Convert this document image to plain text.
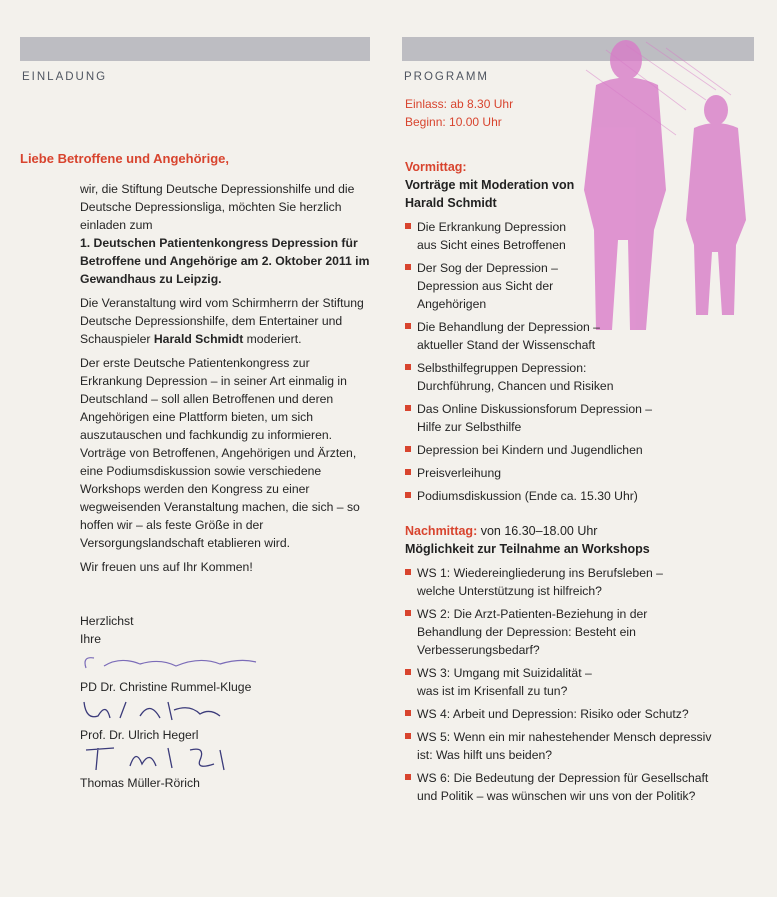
EINLADUNG
Liebe Betroffene und Angehörige,

wir, die Stiftung Deutsche Depressionshilfe und die Deutsche Depressionsliga, möchten Sie herzlich einladen zum

1. Deutschen Patientenkongress Depression für Betroffene und Angehörige am 2. Oktober 2011 im Gewandhaus zu Leipzig.

Die Veranstaltung wird vom Schirmherrn der Stiftung Deutsche Depressionshilfe, dem Entertainer und Schauspieler Harald Schmidt moderiert.

Der erste Deutsche Patientenkongress zur Erkrankung Depression – in seiner Art einmalig in Deutschland – soll allen Betroffenen und deren Angehörigen eine Plattform bieten, um sich auszutauschen und fachkundig zu informieren.

Vorträge von Betroffenen, Angehörigen und Ärzten, eine Podiumsdiskussion sowie verschiedene Workshops werden den Kongress zu einer wegweisenden Veranstaltung machen, die sich – so hoffen wir – als feste Größe in der Versorgungslandschaft etablieren wird.

Wir freuen uns auf Ihr Kommen!

Herzlichst

Ihre

PD Dr. Christine Rummel-Kluge

Prof. Dr. Ulrich Hegerl

Thomas Müller-Rörich

PROGRAMM
Einlass: ab 8.30 Uhr
Beginn: 10.00 Uhr
Vormittag:
Vorträge mit Moderation von Harald Schmidt
Die Erkrankung Depression
aus Sicht eines Betroffenen
Der Sog der Depression –
Depression aus Sicht der
Angehörigen
Die Behandlung der Depression –
aktueller Stand der Wissenschaft
Selbsthilfegruppen Depression:
Durchführung, Chancen und Risiken
Das Online Diskussionsforum Depression –
Hilfe zur Selbsthilfe
Depression bei Kindern und Jugendlichen
Preisverleihung
Podiumsdiskussion (Ende ca. 15.30 Uhr)
Nachmittag: von 16.30–18.00 Uhr
Möglichkeit zur Teilnahme an Workshops
WS 1: Wiedereingliederung ins Berufsleben –
welche Unterstützung ist hilfreich?
WS 2: Die Arzt-Patienten-Beziehung in der
Behandlung der Depression: Besteht ein
Verbesserungsbedarf?
WS 3: Umgang mit Suizidalität –
was ist im Krisenfall zu tun?
WS 4: Arbeit und Depression: Risiko oder Schutz?
WS 5: Wenn ein mir nahestehender Mensch depressiv
ist: Was hilft uns beiden?
WS 6: Die Bedeutung der Depression für Gesellschaft
und Politik – was wünschen wir uns von der Politik?
